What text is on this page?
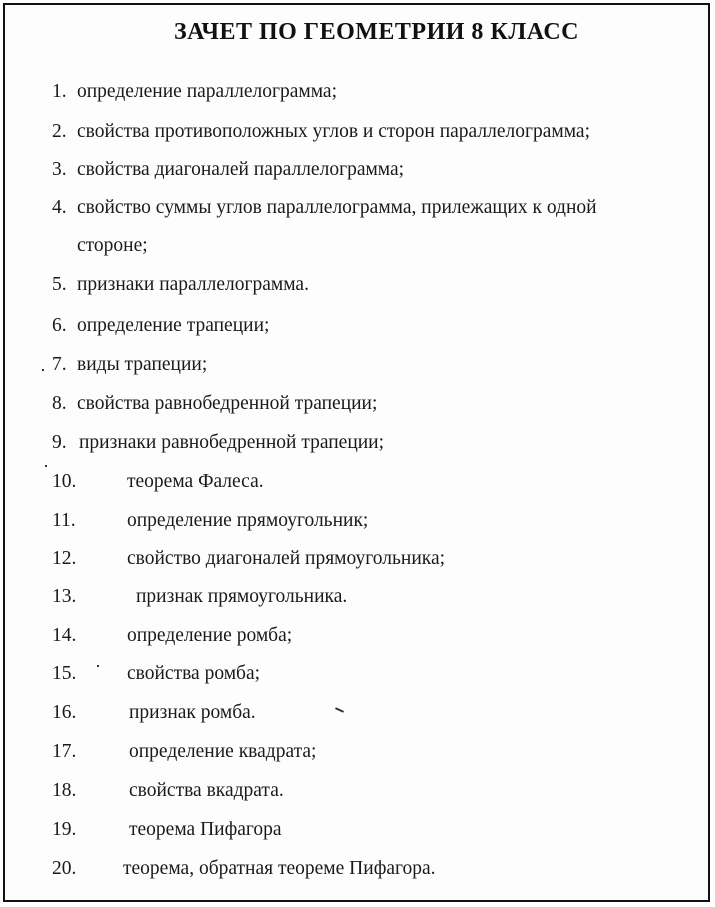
ЗАЧЕТ ПО ГЕОМЕТРИИ 8 КЛАСС
1. определение параллелограмма;
2. свойства противоположных углов и сторон параллелограмма;
3. свойства диагоналей параллелограмма;
4. свойство суммы углов параллелограмма, прилежащих к одной
стороне;
5. признаки параллелограмма.
6. определение трапеции;
7. виды трапеции;
8. свойства равнобедренной трапеции;
9. признаки равнобедренной трапеции;
10.	теорема Фалеса.
11.	определение прямоугольник;
12.	свойство диагоналей прямоугольника;
13.	признак прямоугольника.
14.	определение ромба;
15.	свойства ромба;
16.	признак ромба.
17.	определение квадрата;
18.	свойства вкадрата.
19.	теорема Пифагора
20. теорема, обратная теореме Пифагора.
